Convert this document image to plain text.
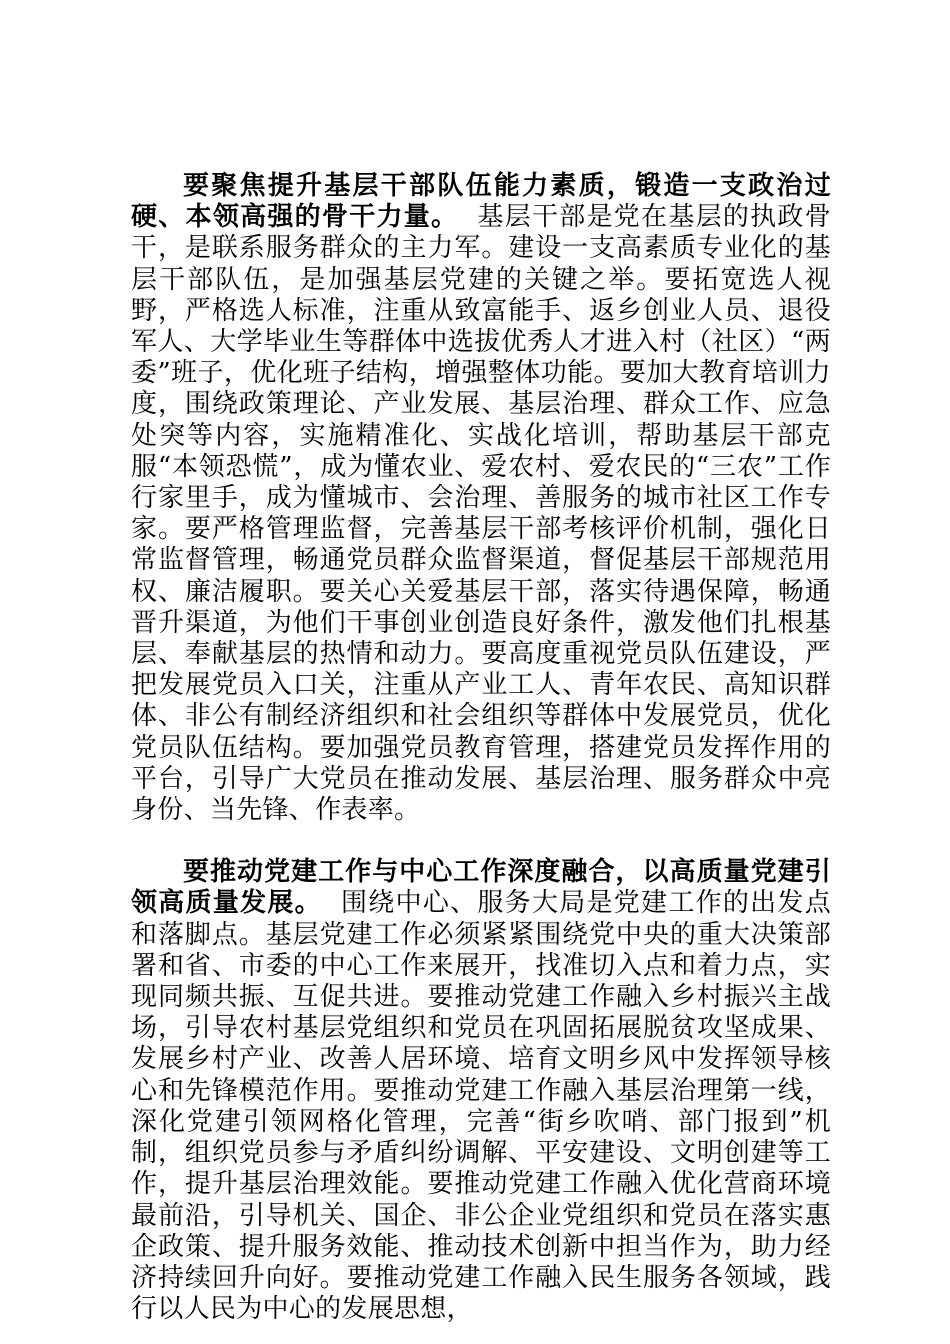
要聚焦提升基层干部队伍能力素质，锻造一支政治过硬、本领高强的骨干力量。 基层干部是党在基层的执政骨干，是联系服务群众的主力军。建设一支高素质专业化的基层干部队伍，是加强基层党建的关键之举。要拓宽选人视野，严格选人标准，注重从致富能手、返乡创业人员、退役军人、大学毕业生等群体中选拔优秀人才进入村（社区）“两委”班子，优化班子结构，增强整体功能。要加大教育培训力度，围绕政策理论、产业发展、基层治理、群众工作、应急处突等内容，实施精准化、实战化培训，帮助基层干部克服“本领恐慌”，成为懂农业、爱农村、爱农民的“三农”工作行家里手，成为懂城市、会治理、善服务的城市社区工作专家。要严格管理监督，完善基层干部考核评价机制，强化日常监督管理，畅通党员群众监督渠道，督促基层干部规范用权、廉洁履职。要关心关爱基层干部，落实待遇保障，畅通晋升渠道，为他们干事创业创造良好条件，激发他们扎根基层、奉献基层的热情和动力。要高度重视党员队伍建设，严把发展党员入口关，注重从产业工人、青年农民、高知识群体、非公有制经济组织和社会组织等群体中发展党员，优化党员队伍结构。要加强党员教育管理，搭建党员发挥作用的平台，引导广大党员在推动发展、基层治理、服务群众中亮身份、当先锋、作表率。

要推动党建工作与中心工作深度融合，以高质量党建引领高质量发展。 围绕中心、服务大局是党建工作的出发点和落脚点。基层党建工作必须紧紧围绕党中央的重大决策部署和省、市委的中心工作来展开，找准切入点和着力点，实现同频共振、互促共进。要推动党建工作融入乡村振兴主战场，引导农村基层党组织和党员在巩固拓展脱贫攻坚成果、发展乡村产业、改善人居环境、培育文明乡风中发挥领导核心和先锋模范作用。要推动党建工作融入基层治理第一线，深化党建引领网格化管理，完善“街乡吹哨、部门报到”机制，组织党员参与矛盾纠纷调解、平安建设、文明创建等工作，提升基层治理效能。要推动党建工作融入优化营商环境最前沿，引导机关、国企、非公企业党组织和党员在落实惠企政策、提升服务效能、推动技术创新中担当作为，助力经济持续回升向好。要推动党建工作融入民生服务各领域，践行以人民为中心的发展思想，
